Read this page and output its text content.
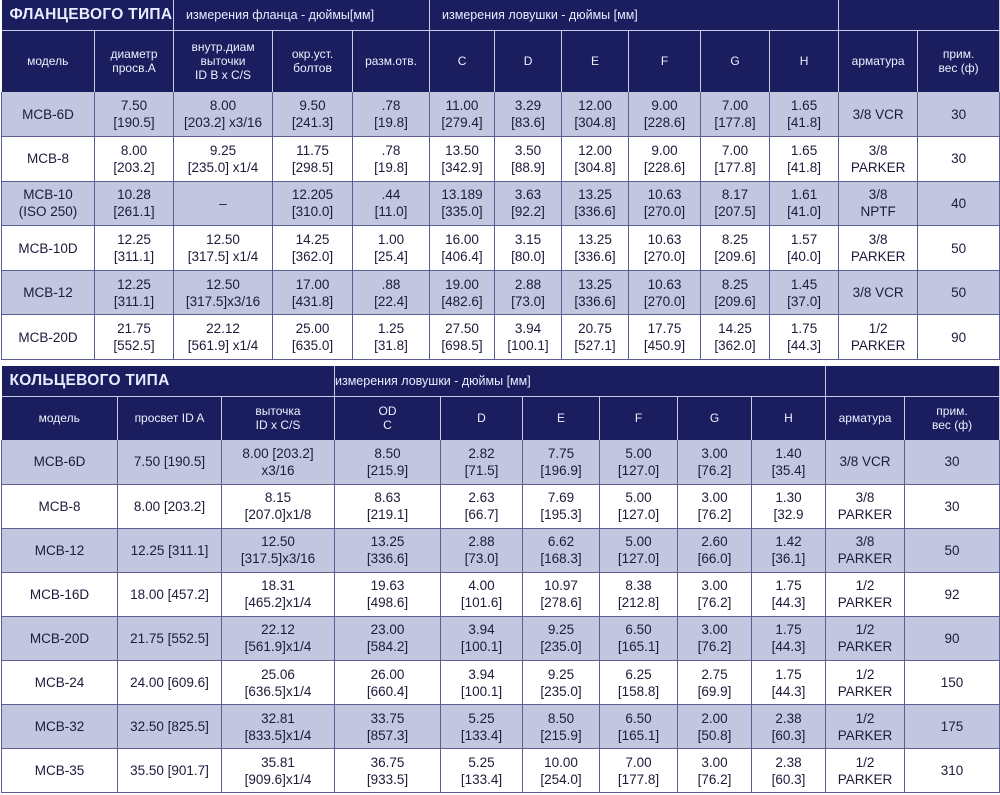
ФЛАНЦЕВОГО ТИПА		измерения фланца - дюймы[мм]			измерения ловушки - дюймы [мм]							

модель	диаметр
просв.A	внутр.диам
выточки
ID B x C/S	окр.уст.
болтов	разм.отв.	C	D	E	F	G	H	арматура	прим.
вес (ф)

MCB-6D	7.50
[190.5]	8.00
[203.2] x3/16	9.50
[241.3]	.78
[19.8]	11.00
[279.4]	3.29
[83.6]	12.00
[304.8]	9.00
[228.6]	7.00
[177.8]	1.65
[41.8]	3/8 VCR	30

MCB-8	8.00
[203.2]	9.25
[235.0] x1/4	11.75
[298.5]	.78
[19.8]	13.50
[342.9]	3.50
[88.9]	12.00
[304.8]	9.00
[228.6]	7.00
[177.8]	1.65
[41.8]	3/8
PARKER	30

MCB-10
(ISO 250)	10.28
[261.1]	–	12.205
[310.0]	.44
[11.0]	13.189
[335.0]	3.63
[92.2]	13.25
[336.6]	10.63
[270.0]	8.17
[207.5]	1.61
[41.0]	3/8
NPTF	40

MCB-10D	12.25
[311.1]	12.50
[317.5] x1/4	14.25
[362.0]	1.00
[25.4]	16.00
[406.4]	3.15
[80.0]	13.25
[336.6]	10.63
[270.0]	8.25
[209.6]	1.57
[40.0]	3/8
PARKER	50

MCB-12	12.25
[311.1]	12.50
[317.5]x3/16	17.00
[431.8]	.88
[22.4]	19.00
[482.6]	2.88
[73.0]	13.25
[336.6]	10.63
[270.0]	8.25
[209.6]	1.45
[37.0]	3/8 VCR	50

MCB-20D	21.75
[552.5]	22.12
[561.9] x1/4	25.00
[635.0]	1.25
[31.8]	27.50
[698.5]	3.94
[100.1]	20.75
[527.1]	17.75
[450.9]	14.25
[362.0]	1.75
[44.3]	1/2
PARKER	90
КОЛЬЦЕВОГО ТИПА			измерения ловушки - дюймы [мм]							

модель	просвет ID A	выточка
ID x C/S	OD
C	D	E	F	G	H	арматура	прим.
вес (ф)

MCB-6D	7.50 [190.5]	8.00 [203.2]
x3/16	8.50
[215.9]	2.82
[71.5]	7.75
[196.9]	5.00
[127.0]	3.00
[76.2]	1.40
[35.4]	3/8 VCR	30

MCB-8	8.00 [203.2]	8.15
[207.0]x1/8	8.63
[219.1]	2.63
[66.7]	7.69
[195.3]	5.00
[127.0]	3.00
[76.2]	1.30
[32.9	3/8
PARKER	30

MCB-12	12.25 [311.1]	12.50
[317.5]x3/16	13.25
[336.6]	2.88
[73.0]	6.62
[168.3]	5.00
[127.0]	2.60
[66.0]	1.42
[36.1]	3/8
PARKER	50

MCB-16D	18.00 [457.2]	18.31
[465.2]x1/4	19.63
[498.6]	4.00
[101.6]	10.97
[278.6]	8.38
[212.8]	3.00
[76.2]	1.75
[44.3]	1/2
PARKER	92

MCB-20D	21.75 [552.5]	22.12
[561.9]x1/4	23.00
[584.2]	3.94
[100.1]	9.25
[235.0]	6.50
[165.1]	3.00
[76.2]	1.75
[44.3]	1/2
PARKER	90

MCB-24	24.00 [609.6]	25.06
[636.5]x1/4	26.00
[660.4]	3.94
[100.1]	9.25
[235.0]	6.25
[158.8]	2.75
[69.9]	1.75
[44.3]	1/2
PARKER	150

MCB-32	32.50 [825.5]	32.81
[833.5]x1/4	33.75
[857.3]	5.25
[133.4]	8.50
[215.9]	6.50
[165.1]	2.00
[50.8]	2.38
[60.3]	1/2
PARKER	175

MCB-35	35.50 [901.7]	35.81
[909.6]x1/4	36.75
[933.5]	5.25
[133.4]	10.00
[254.0]	7.00
[177.8]	3.00
[76.2]	2.38
[60.3]	1/2
PARKER	310
